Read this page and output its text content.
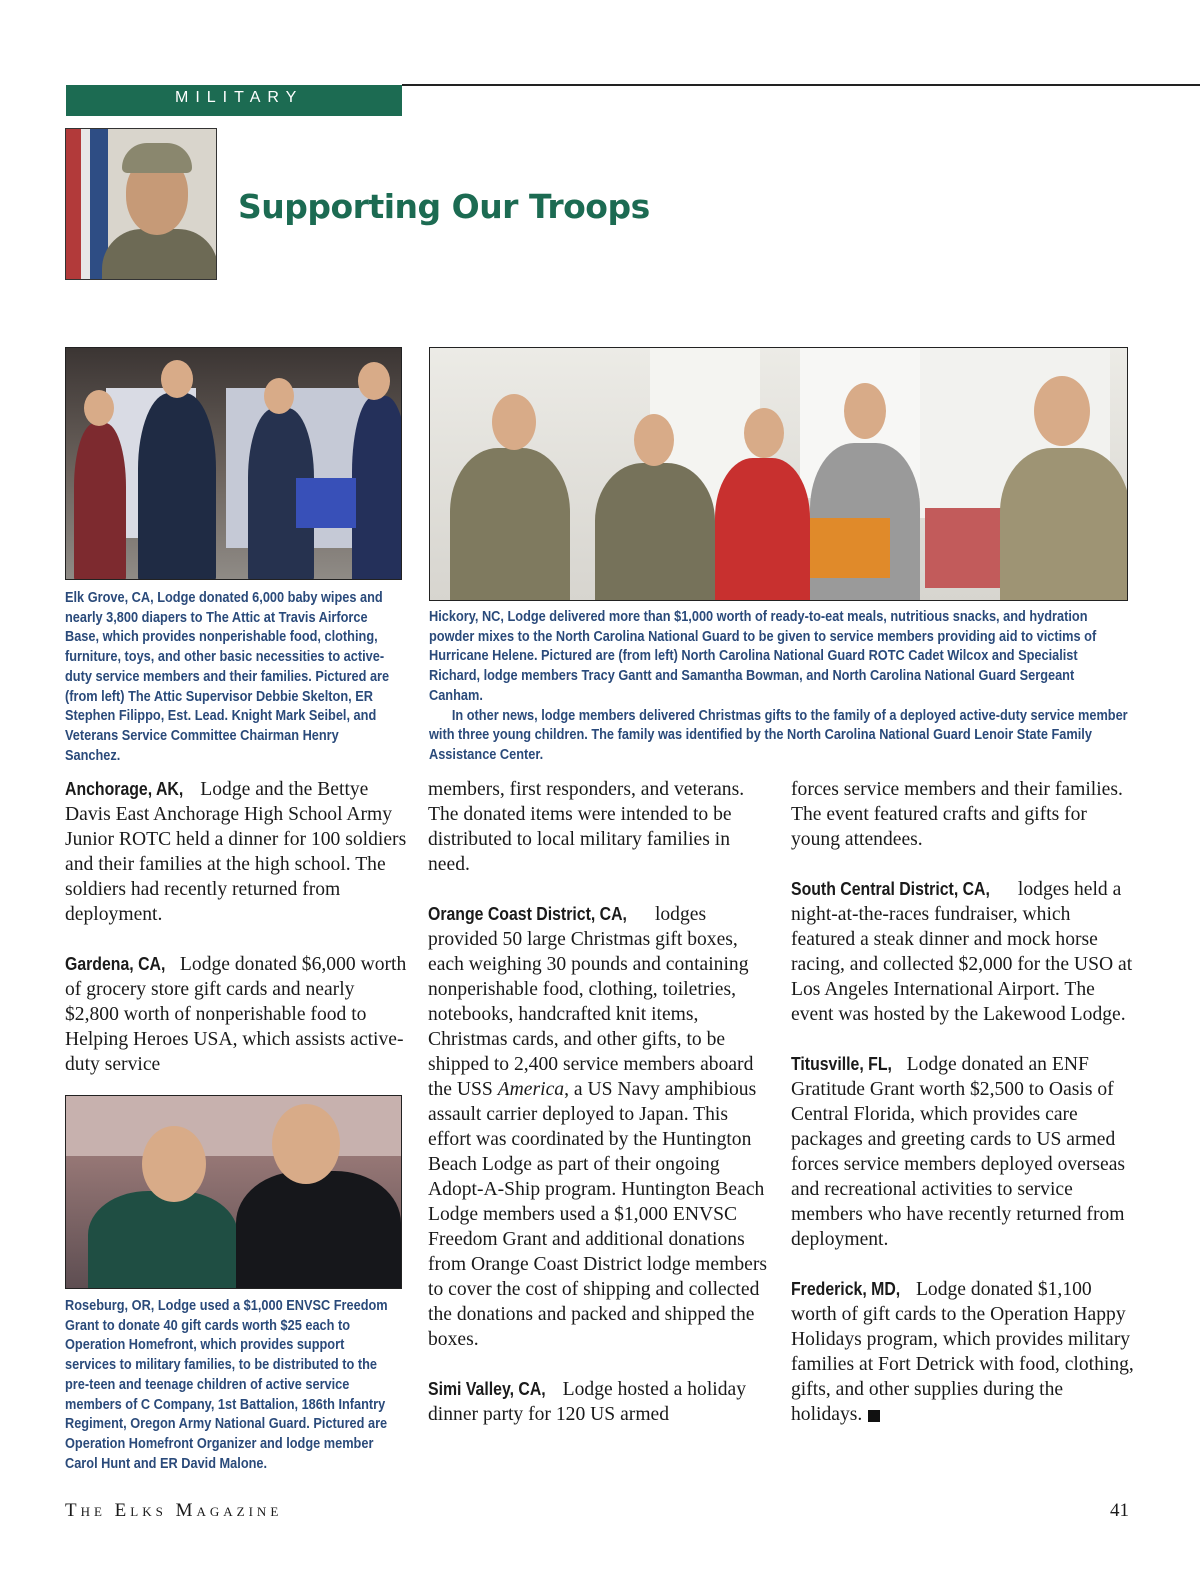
MILITARY
Supporting Our Troops
Elk Grove, CA, Lodge donated 6,000 baby wipes and nearly 3,800 diapers to The Attic at Travis Airforce Base, which provides nonperishable food, clothing, furniture, toys, and other basic necessities to active-duty service members and their families. Pictured are (from left) The Attic Supervisor Debbie Skelton, ER Stephen Filippo, Est. Lead. Knight Mark Seibel, and Veterans Service Committee Chairman Henry Sanchez.

Hickory, NC, Lodge delivered more than $1,000 worth of ready-to-eat meals, nutritious snacks, and hydration powder mixes to the North Carolina National Guard to be given to service members providing aid to victims of Hurricane Helene. Pictured are (from left) North Carolina National Guard ROTC Cadet Wilcox and Specialist Richard, lodge members Tracy Gantt and Samantha Bowman, and North Carolina National Guard Sergeant Canham.

In other news, lodge members delivered Christmas gifts to the family of a deployed active-duty service member with three young children. The family was identified by the North Carolina National Guard Lenoir State Family Assistance Center.

Roseburg, OR, Lodge used a $1,000 ENVSC Freedom Grant to donate 40 gift cards worth $25 each to Operation Homefront, which provides support services to military families, to be distributed to the pre-teen and teenage children of active service members of C Company, 1st Battalion, 186th Infantry Regiment, Oregon Army National Guard. Pictured are Operation Homefront Organizer and lodge member Carol Hunt and ER David Malone.

Anchorage, AK, Lodge and the Bettye Davis East Anchorage High School Army Junior ROTC held a dinner for 100 soldiers and their families at the high school. The soldiers had recently returned from deployment.

Gardena, CA, Lodge donated $6,000 worth of grocery store gift cards and nearly $2,800 worth of nonperishable food to Helping Heroes USA, which assists active-duty service

members, first responders, and veterans. The donated items were intended to be distributed to local military families in need.

Orange Coast District, CA, lodges provided 50 large Christmas gift boxes, each weighing 30 pounds and containing nonperishable food, clothing, toiletries, notebooks, handcrafted knit items, Christmas cards, and other gifts, to be shipped to 2,400 service members aboard the USS America, a US Navy amphibious assault carrier deployed to Japan. This effort was coordinated by the Huntington Beach Lodge as part of their ongoing Adopt-A-Ship program. Huntington Beach Lodge members used a $1,000 ENVSC Freedom Grant and additional donations from Orange Coast District lodge members to cover the cost of shipping and collected the donations and packed and shipped the boxes.

Simi Valley, CA, Lodge hosted a holiday dinner party for 120 US armed

forces service members and their families. The event featured crafts and gifts for young attendees.

South Central District, CA, lodges held a night-at-the-races fundraiser, which featured a steak dinner and mock horse racing, and collected $2,000 for the USO at Los Angeles International Airport. The event was hosted by the Lakewood Lodge.

Titusville, FL, Lodge donated an ENF Gratitude Grant worth $2,500 to Oasis of Central Florida, which provides care packages and greeting cards to US armed forces service members deployed overseas and recreational activities to service members who have recently returned from deployment.

Frederick, MD, Lodge donated $1,100 worth of gift cards to the Operation Happy Holidays program, which provides military families at Fort Detrick with food, clothing, gifts, and other supplies during the holidays.

The Elks Magazine	41
